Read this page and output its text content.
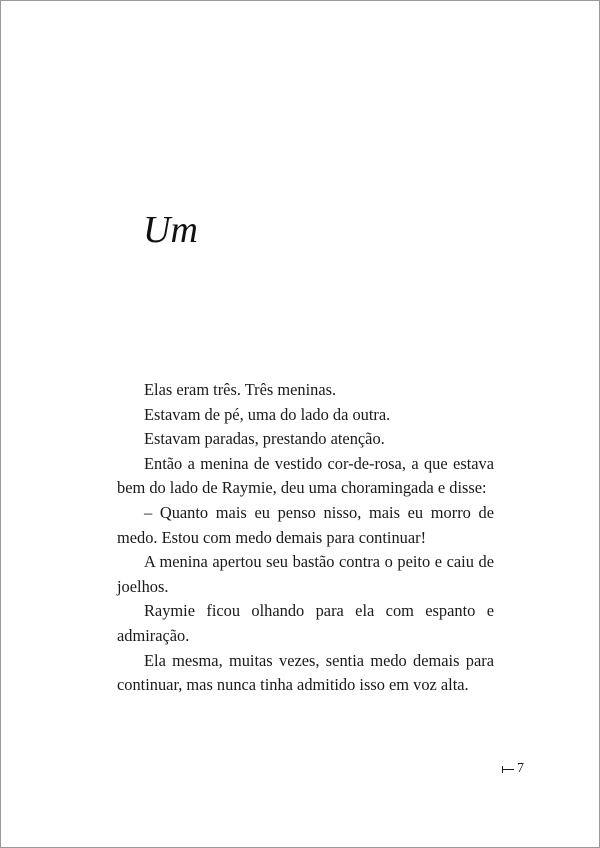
Um

Elas eram três. Três meninas.

Estavam de pé, uma do lado da outra.

Estavam paradas, prestando atenção.

Então a menina de vestido cor-de-rosa, a que estava bem do lado de Raymie, deu uma choramingada e disse:

– Quanto mais eu penso nisso, mais eu morro de medo. Estou com medo demais para continuar!

A menina apertou seu bastão contra o peito e caiu de joelhos.

Raymie ficou olhando para ela com espanto e admiração.

Ela mesma, muitas vezes, sentia medo demais para continuar, mas nunca tinha admitido isso em voz alta.

7
